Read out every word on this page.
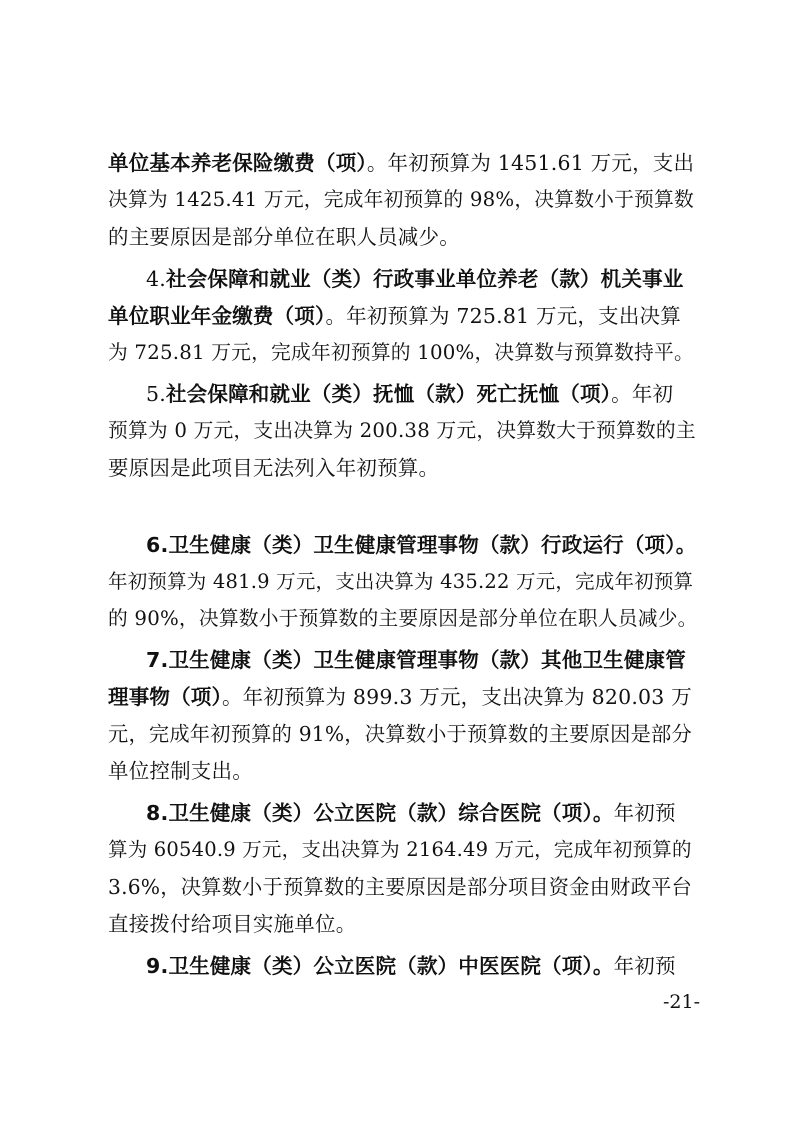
单位基本养老保险缴费（项）。年初预算为 1451.61 万元，支出
决算为 1425.41 万元，完成年初预算的 98%，决算数小于预算数
的主要原因是部分单位在职人员减少。
4.社会保障和就业（类）行政事业单位养老（款）机关事业
单位职业年金缴费（项）。年初预算为 725.81 万元，支出决算
为 725.81 万元，完成年初预算的 100%，决算数与预算数持平。
5.社会保障和就业（类）抚恤（款）死亡抚恤（项）。年初
预算为 0 万元，支出决算为 200.38 万元，决算数大于预算数的主
要原因是此项目无法列入年初预算。
6.卫生健康（类）卫生健康管理事物（款）行政运行（项）。
年初预算为 481.9 万元，支出决算为 435.22 万元，完成年初预算
的 90%，决算数小于预算数的主要原因是部分单位在职人员减少。
7.卫生健康（类）卫生健康管理事物（款）其他卫生健康管
理事物（项）。年初预算为 899.3 万元，支出决算为 820.03 万
元，完成年初预算的 91%，决算数小于预算数的主要原因是部分
单位控制支出。
8.卫生健康（类）公立医院（款）综合医院（项）。年初预
算为 60540.9 万元，支出决算为 2164.49 万元，完成年初预算的
3.6%，决算数小于预算数的主要原因是部分项目资金由财政平台
直接拨付给项目实施单位。
9.卫生健康（类）公立医院（款）中医医院（项）。年初预
-21-
